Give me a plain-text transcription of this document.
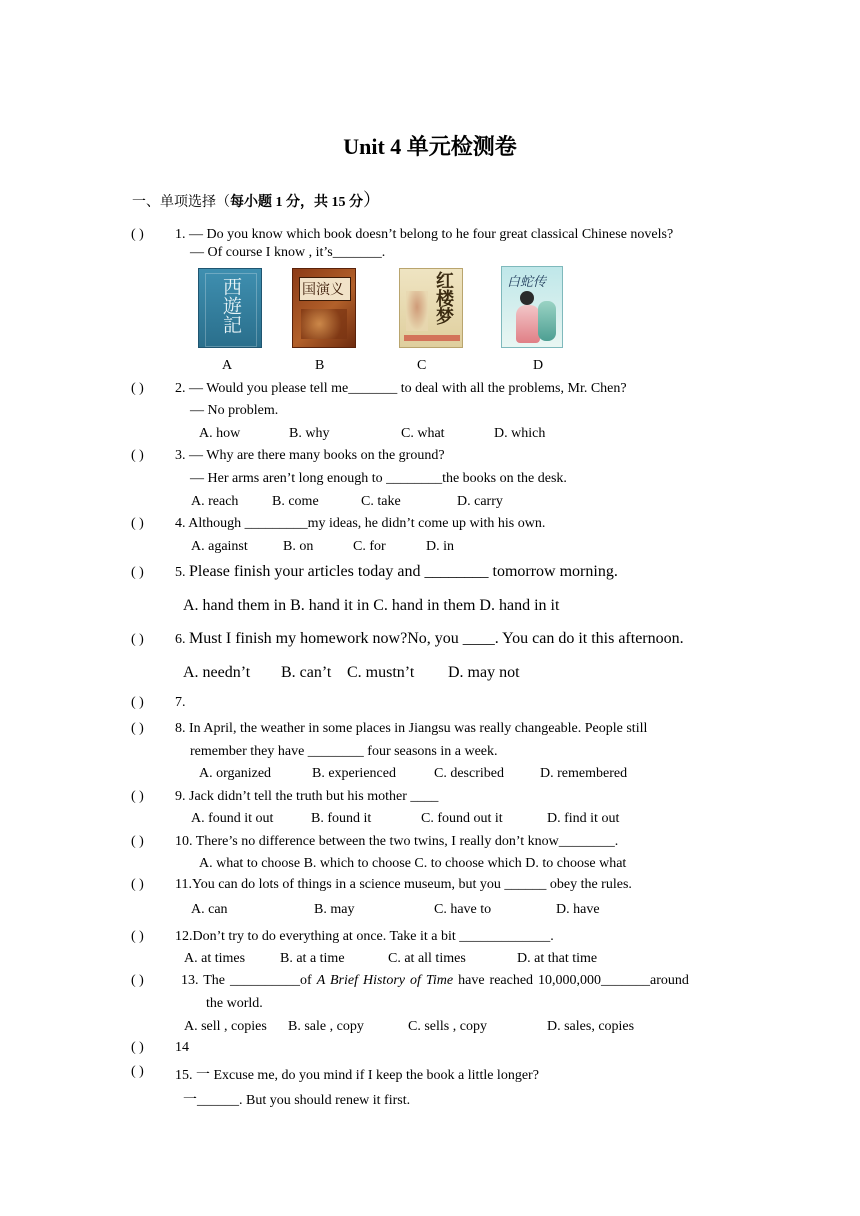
Unit 4 单元检测卷
一、单项选择（每小题 1 分，共 15 分）
( ) 1. — Do you know which book doesn’t belong to he four great classical Chinese novels?
— Of course I know , it’s_______.
西遊記	国演义	红楼梦	白蛇传
A	B	C	D
( ) 2. — Would you please tell me_______ to deal with all the problems, Mr. Chen?
— No problem.
A. how	B. why	C. what	D. which
( ) 3. — Why are there many books on the ground?
— Her arms aren’t long enough to ________the books on the desk.
A. reach B. come	C. take	D. carry
( ) 4. Although _________my ideas, he didn’t come up with his own.
A. against	B. on	C. for	D. in
( ) 5. Please finish your articles today and ________ tomorrow morning.
A. hand them in B. hand it in C. hand in them D. hand in it
( ) 6. Must I finish my homework now?No, you ____. You can do it this afternoon.
A. needn’t B. can’t C. mustn’t D. may not
( ) 7.
( ) 8. In April, the weather in some places in Jiangsu was really changeable. People still
remember they have ________ four seasons in a week.
A. organized	B. experienced	C. described	D. remembered
( ) 9. Jack didn’t tell the truth but his mother ____
A. found it out	B. found it	C. found out it	D. find it out
( ) 10. There’s no difference between the two twins, I really don’t know________.
A. what to choose B. which to choose C. to choose which D. to choose what
( ) 11.You can do lots of things in a science museum, but you ______ obey the rules.
A. can	B. may	C. have to	D. have
( ) 12.Don’t try to do everything at once. Take it a bit _____________.
A. at times B. at a time	C. at all times	D. at that time
( )	13. The __________of A Brief History of Time have reached 10,000,000_______around
the world.
A. sell , copies B. sale , copy	C. sells , copy	D. sales, copies
( ) 14
( ) 15. 一 Excuse me, do you mind if I keep the book a little longer?
一______. But you should renew it first.
